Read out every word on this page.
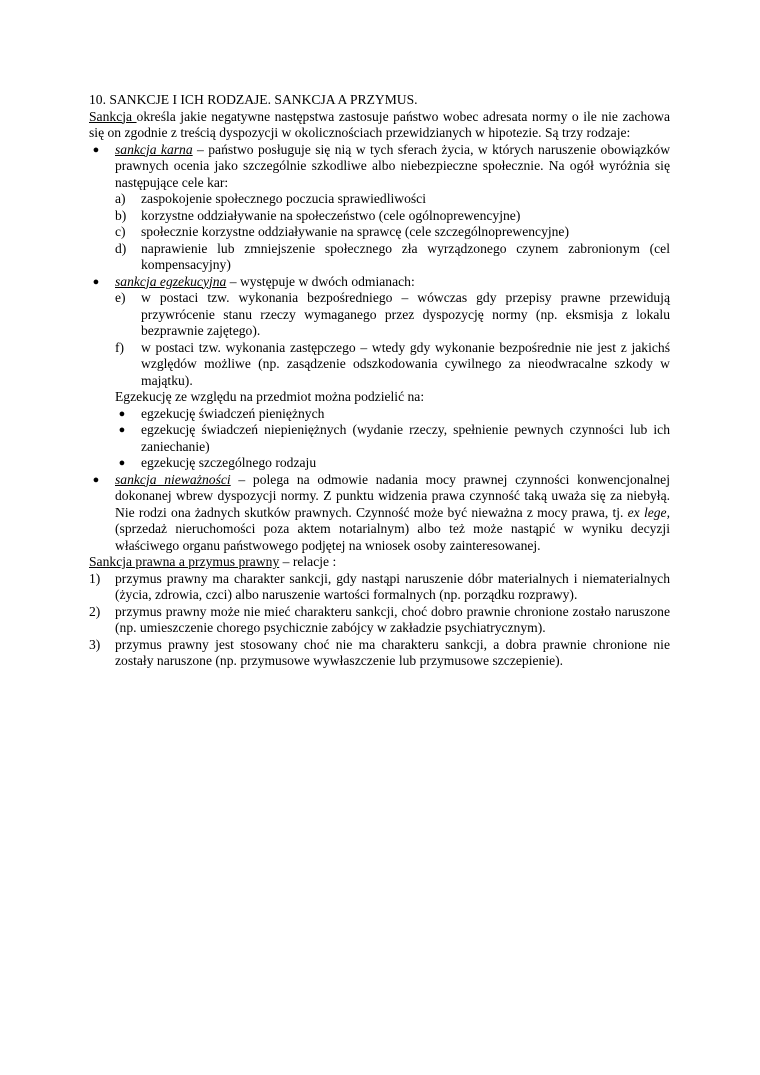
10. SANKCJE I ICH RODZAJE. SANKCJA A PRZYMUS.

Sankcja określa jakie negatywne następstwa zastosuje państwo wobec adresata normy o ile nie zachowa się on zgodnie z treścią dyspozycji w okolicznościach przewidzianych w hipotezie. Są trzy rodzaje:

● sankcja karna – państwo posługuje się nią w tych sferach życia, w których naruszenie obowiązków prawnych ocenia jako szczególnie szkodliwe albo niebezpieczne społecznie. Na ogół wyróżnia się następujące cele kar:
a) zaspokojenie społecznego poczucia sprawiedliwości
b) korzystne oddziaływanie na społeczeństwo (cele ogólnoprewencyjne)
c) społecznie korzystne oddziaływanie na sprawcę (cele szczególnoprewencyjne)
d) naprawienie lub zmniejszenie społecznego zła wyrządzonego czynem zabronionym (cel kompensacyjny)
● sankcja egzekucyjna – występuje w dwóch odmianach:
e) w postaci tzw. wykonania bezpośredniego – wówczas gdy przepisy prawne przewidują przywrócenie stanu rzeczy wymaganego przez dyspozycję normy (np. eksmisja z lokalu bezprawnie zajętego).
f) w postaci tzw. wykonania zastępczego – wtedy gdy wykonanie bezpośrednie nie jest z jakichś względów możliwe (np. zasądzenie odszkodowania cywilnego za nieodwracalne szkody w majątku).

Egzekucję ze względu na przedmiot można podzielić na:

● egzekucję świadczeń pieniężnych
● egzekucję świadczeń niepieniężnych (wydanie rzeczy, spełnienie pewnych czynności lub ich zaniechanie)
● egzekucję szczególnego rodzaju
● sankcja nieważności – polega na odmowie nadania mocy prawnej czynności konwencjonalnej dokonanej wbrew dyspozycji normy. Z punktu widzenia prawa czynność taką uważa się za niebyłą. Nie rodzi ona żadnych skutków prawnych. Czynność może być nieważna z mocy prawa, tj. ex lege, (sprzedaż nieruchomości poza aktem notarialnym) albo też może nastąpić w wyniku decyzji właściwego organu państwowego podjętej na wniosek osoby zainteresowanej.

Sankcja prawna a przymus prawny – relacje :

1) przymus prawny ma charakter sankcji, gdy nastąpi naruszenie dóbr materialnych i niematerialnych (życia, zdrowia, czci) albo naruszenie wartości formalnych (np. porządku rozprawy).
2) przymus prawny może nie mieć charakteru sankcji, choć dobro prawnie chronione zostało naruszone (np. umieszczenie chorego psychicznie zabójcy w zakładzie psychiatrycznym).
3) przymus prawny jest stosowany choć nie ma charakteru sankcji, a dobra prawnie chronione nie zostały naruszone (np. przymusowe wywłaszczenie lub przymusowe szczepienie).
